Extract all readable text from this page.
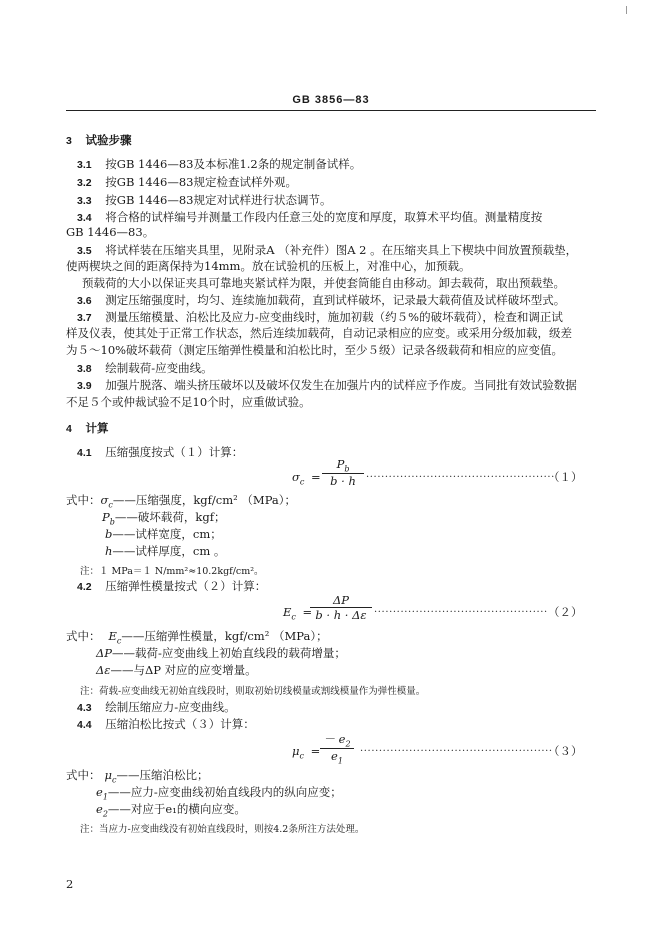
GB 3856—83
3 试验步骤
3.1 按GB 1446—83及本标准1.2条的规定制备试样。
3.2 按GB 1446—83规定检查试样外观。
3.3 按GB 1446—83规定对试样进行状态调节。
3.4 将合格的试样编号并测量工作段内任意三处的宽度和厚度，取算术平均值。测量精度按
GB 1446—83。
3.5 将试样装在压缩夹具里，见附录A （补充件）图A 2 。在压缩夹具上下楔块中间放置预载垫，
使两楔块之间的距离保持为14mm。放在试验机的压板上，对准中心，加预载。
预载荷的大小以保证夹具可靠地夹紧试样为限，并使套筒能自由移动。卸去载荷，取出预载垫。
3.6 测定压缩强度时，均匀、连续施加载荷，直到试样破坏，记录最大载荷值及试样破坏型式。
3.7 测量压缩模量、泊松比及应力-应变曲线时，施加初载（约５%的破坏载荷），检查和调正试
样及仪表，使其处于正常工作状态，然后连续加载荷，自动记录相应的应变。或采用分级加载，级差
为５～10%破坏载荷（测定压缩弹性模量和泊松比时，至少５级）记录各级载荷和相应的应变值。
3.8 绘制载荷-应变曲线。
3.9 加强片脱落、端头挤压破坏以及破坏仅发生在加强片内的试样应予作废。当同批有效试验数据
不足５个或仲裁试验不足10个时，应重做试验。
4 计算
4.1 压缩强度按式（１）计算：
$\sigma_c$ =
$P_b$
b · h	··················································
（１）
式中：$\sigma_c——$压缩强度，kgf/cm² （MPa）；
$P_b——$破坏载荷，kgf；
b——试样宽度，cm；
h——试样厚度，cm 。
注：１ MPa＝１ N/mm²≈10.2kgf/cm²。
4.2 压缩弹性模量按式（２）计算：
$E_c$ =
ΔP
b · h · Δε ·············································· （２）
式中： $E_c——$压缩弹性模量，kgf/cm² （MPa）；
ΔP——载荷-应变曲线上初始直线段的载荷增量；
Δε——与ΔP 对应的应变增量。
注：荷载-应变曲线无初始直线段时，则取初始切线模量或割线模量作为弹性模量。
4.3 绘制压缩应力-应变曲线。
4.4 压缩泊松比按式（３）计算：
$\mu_c$ =
－ $e_2$
$e_1$
···················································
（３）
式中： $\mu_c——$压缩泊松比；
$e_1——$应力-应变曲线初始直线段内的纵向应变；
$e_2——$对应于e₁的横向应变。
注：当应力-应变曲线没有初始直线段时，则按4.2条所注方法处理。
2
